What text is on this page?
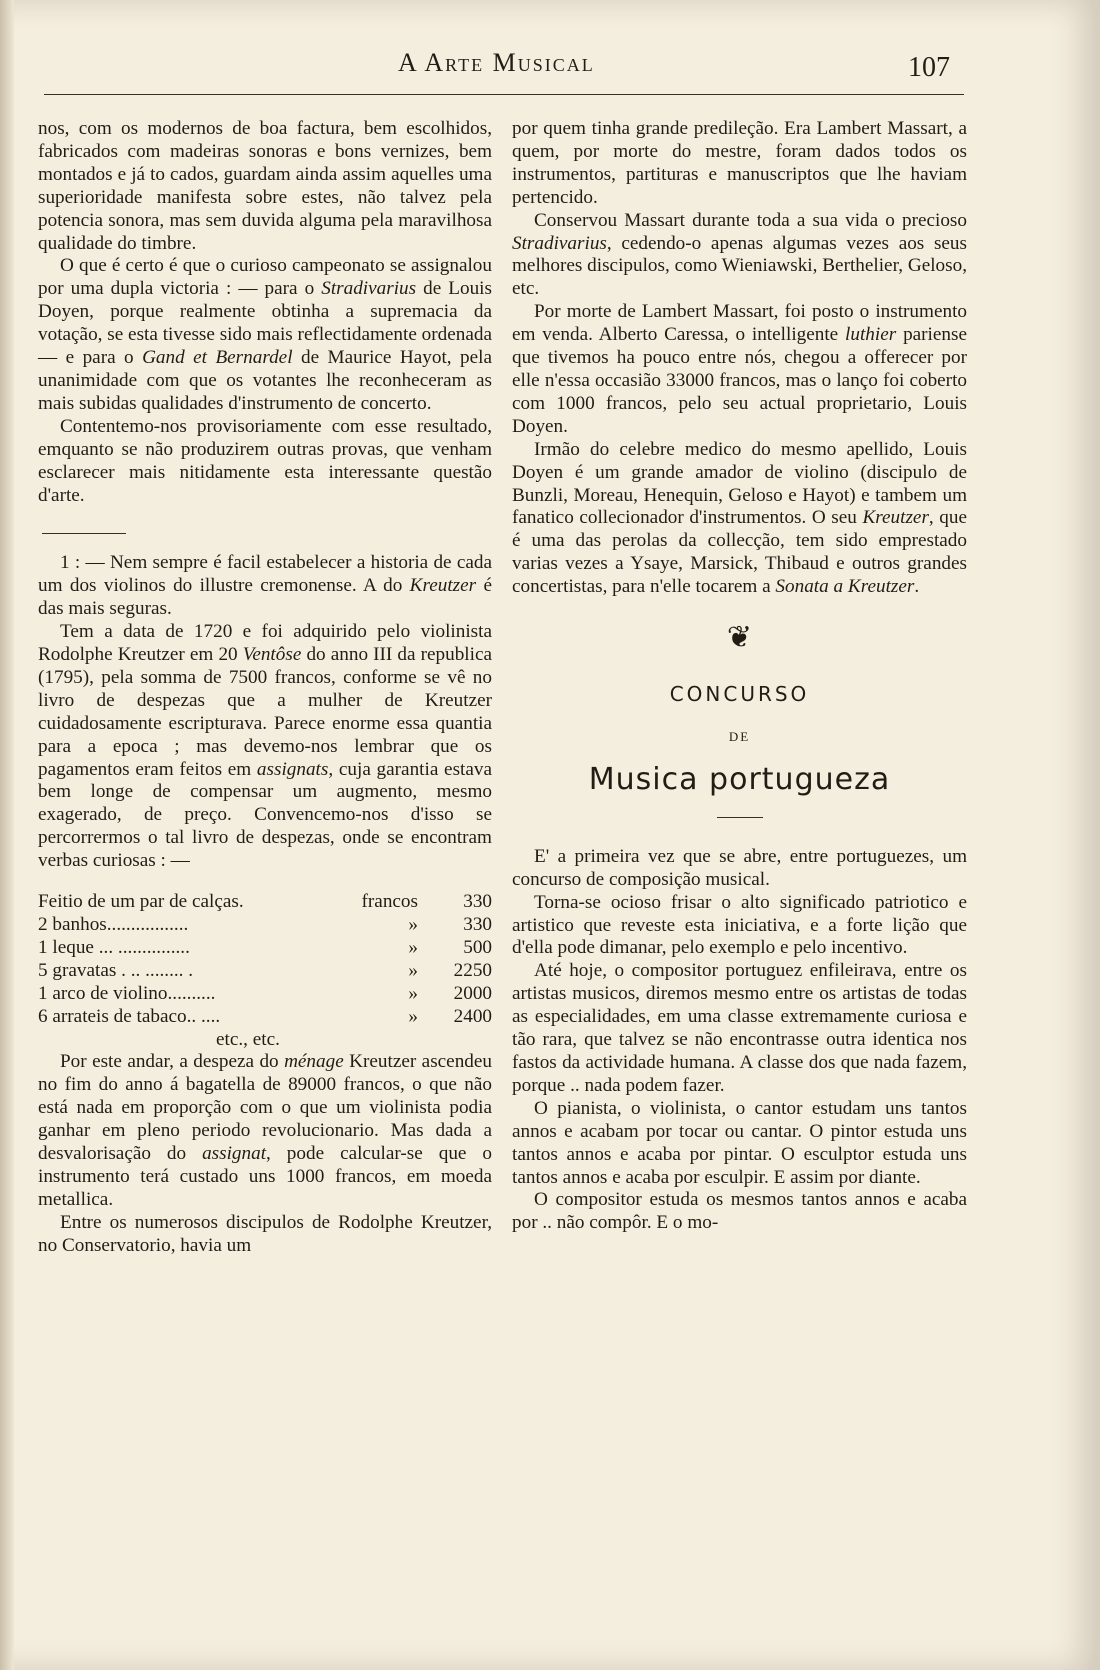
A Arte Musical	107

nos, com os modernos de boa factura, bem escolhidos, fabricados com madeiras sonoras e bons vernizes, bem montados e já to cados, guardam ainda assim aquelles uma superioridade manifesta sobre estes, não talvez pela potencia sonora, mas sem duvida alguma pela maravilhosa qualidade do timbre.

O que é certo é que o curioso campeonato se assignalou por uma dupla victoria : — para o Stradivarius de Louis Doyen, porque realmente obtinha a supremacia da votação, se esta tivesse sido mais reflectidamente ordenada — e para o Gand et Bernardel de Maurice Hayot, pela unanimidade com que os votantes lhe reconheceram as mais subidas qualidades d'instrumento de concerto.

Contentemo-nos provisoriamente com esse resultado, emquanto se não produzirem outras provas, que venham esclarecer mais nitidamente esta interessante questão d'arte.

1 : — Nem sempre é facil estabelecer a historia de cada um dos violinos do illustre cremonense. A do Kreutzer é das mais seguras.

Tem a data de 1720 e foi adquirido pelo violinista Rodolphe Kreutzer em 20 Ventôse do anno III da republica (1795), pela somma de 7500 francos, conforme se vê no livro de despezas que a mulher de Kreutzer cuidadosamente escripturava. Parece enorme essa quantia para a epoca ; mas devemo-nos lembrar que os pagamentos eram feitos em assignats, cuja garantia estava bem longe de compensar um augmento, mesmo exagerado, de preço. Convencemo-nos d'isso se percorrermos o tal livro de despezas, onde se encontram verbas curiosas : —

Feitio de um par de calças.	francos	330
2 banhos.................	»	330
1 leque ... ...............	»	500
5 gravatas . .. ........ .	»	2250
1 arco de violino..........	»	2000
6 arrateis de tabaco.. ....	»	2400

etc., etc.

Por este andar, a despeza do ménage Kreutzer ascendeu no fim do anno á bagatella de 89000 francos, o que não está nada em proporção com o que um violinista podia ganhar em pleno periodo revolucionario. Mas dada a desvalorisação do assignat, pode calcular-se que o instrumento terá custado uns 1000 francos, em moeda metallica.

Entre os numerosos discipulos de Rodolphe Kreutzer, no Conservatorio, havia um

por quem tinha grande predileção. Era Lambert Massart, a quem, por morte do mestre, foram dados todos os instrumentos, partituras e manuscriptos que lhe haviam pertencido.

Conservou Massart durante toda a sua vida o precioso Stradivarius, cedendo-o apenas algumas vezes aos seus melhores discipulos, como Wieniawski, Berthelier, Geloso, etc.

Por morte de Lambert Massart, foi posto o instrumento em venda. Alberto Caressa, o intelligente luthier pariense que tivemos ha pouco entre nós, chegou a offerecer por elle n'essa occasião 33000 francos, mas o lanço foi coberto com 1000 francos, pelo seu actual proprietario, Louis Doyen.

Irmão do celebre medico do mesmo apellido, Louis Doyen é um grande amador de violino (discipulo de Bunzli, Moreau, Henequin, Geloso e Hayot) e tambem um fanatico collecionador d'instrumentos. O seu Kreutzer, que é uma das perolas da collecção, tem sido emprestado varias vezes a Ysaye, Marsick, Thibaud e outros grandes concertistas, para n'elle tocarem a Sonata a Kreutzer.

❦
CONCURSO
DE
Musica portugueza

E' a primeira vez que se abre, entre portuguezes, um concurso de composição musical.

Torna-se ocioso frisar o alto significado patriotico e artistico que reveste esta iniciativa, e a forte lição que d'ella pode dimanar, pelo exemplo e pelo incentivo.

Até hoje, o compositor portuguez enfileirava, entre os artistas musicos, diremos mesmo entre os artistas de todas as especialidades, em uma classe extremamente curiosa e tão rara, que talvez se não encontrasse outra identica nos fastos da actividade humana. A classe dos que nada fazem, porque .. nada podem fazer.

O pianista, o violinista, o cantor estudam uns tantos annos e acabam por tocar ou cantar. O pintor estuda uns tantos annos e acaba por pintar. O esculptor estuda uns tantos annos e acaba por esculpir. E assim por diante.

O compositor estuda os mesmos tantos annos e acaba por .. não compôr. E o mo-
